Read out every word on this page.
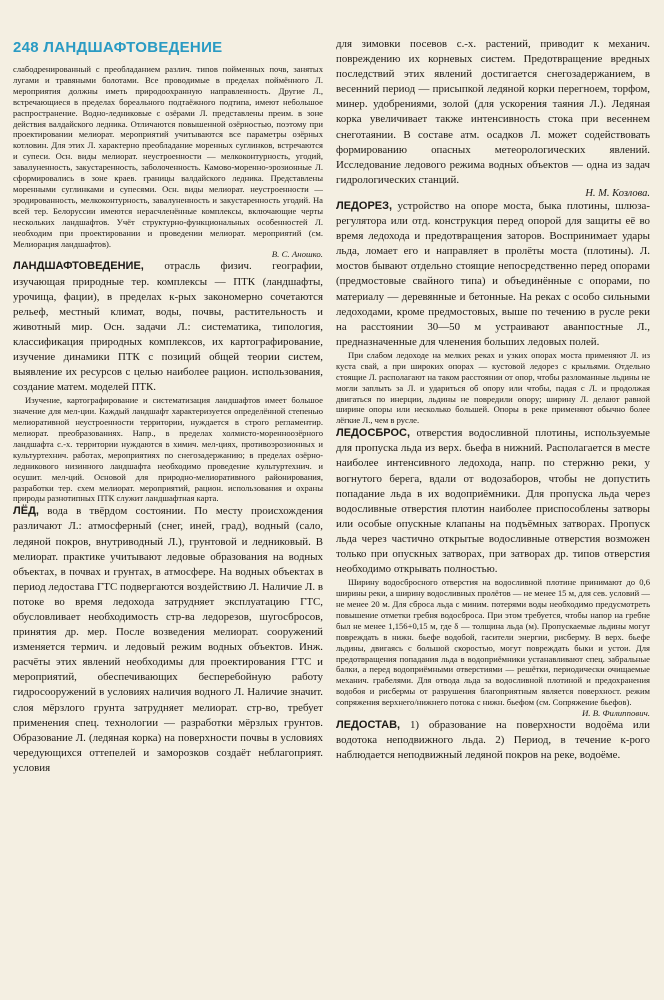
248 ЛАНДШАФТОВЕДЕНИЕ

слабодренированный с преобладанием различ. типов пойменных почв, занятых лугами и травяными болотами. Все проводимые в пределах поймённого Л. мероприятия должны иметь природоохранную направленность. Другие Л., встречающиеся в пределах бореального подтаёжного подтипа, имеют небольшое распространение. Водно-ледниковые с озёрами Л. представлены преим. в зоне действия валдайского ледника. Отличаются повышенной озёрностью, поэтому при проектировании мелиорат. мероприятий учитываются все параметры озёрных котловин. Для этих Л. характерно преобладание моренных суглинков, встречаются и супеси. Осн. виды мелиорат. неустроенности — мелкоконтурность, угодий, завалуненность, закустаренность, заболоченность. Камово-моренно-эрозионные Л. сформировались в зоне краев. границы валдайского ледника. Представлены моренными суглинками и супесями. Осн. виды мелиорат. неустроенности — эродированность, мелкоконтурность, завалуненность и закустаренность угодий. На всей тер. Белоруссии имеются нерасчленённые комплексы, включающие черты нескольких ландшафтов. Учёт структурно-функциональных особенностей Л. необходим при проектировании и проведении мелиорат. мероприятий (см. Мелиорация ландшафтов).

В. С. Аношко.

ЛАНДШАФТОВЕДЕНИЕ, отрасль физич. географии, изучающая природные тер. комплексы — ПТК (ландшафты, урочища, фации), в пределах к-рых закономерно сочетаются рельеф, местный климат, воды, почвы, растительность и животный мир. Осн. задачи Л.: систематика, типология, классификация природных комплексов, их картографирование, изучение динамики ПТК с позиций общей теории систем, выявление их ресурсов с целью наиболее рацион. использования, создание матем. моделей ПТК.

Изучение, картографирование и систематизация ландшафтов имеет большое значение для мел-ции. Каждый ландшафт характеризуется определённой степенью мелиоративной неустроенности территории, нуждается в строго регламентир. мелиорат. преобразованиях. Напр., в пределах холмисто-моренноозёрного ландшафта с.-х. территории нуждаются в химич. мел-циях, противоэрозионных и культуртехнич. работах, мероприятиях по снегозадержанию; в пределах озёрно-ледникового низинного ландшафта необходимо проведение культуртехнич. и осушит. мел-ций. Основой для природно-мелиоративного районирования, разработки тер. схем мелиорат. мероприятий, рацион. использования и охраны природы разнотипных ПТК служит ландшафтная карта.

ЛЁД, вода в твёрдом состоянии. По месту происхождения различают Л.: атмосферный (снег, иней, град), водный (сало, ледяной покров, внутриводный Л.), грунтовой и ледниковый. В мелиорат. практике учитывают ледовые образования на водных объектах, в почвах и грунтах, в атмосфере. На водных объектах в период ледостава ГТС подвергаются воздействию Л. Наличие Л. в потоке во время ледохода затрудняет эксплуатацию ГТС, обусловливает необходимость стр-ва ледорезов, шугосбросов, принятия др. мер. После возведения мелиорат. сооружений изменяется термич. и ледовый режим водных объектов. Инж. расчёты этих явлений необходимы для проектирования ГТС и мероприятий, обеспечивающих бесперебойную работу гидросооружений в условиях наличия водного Л. Наличие значит. слоя мёрзлого грунта затрудняет мелиорат. стр-во, требует применения спец. технологии — разработки мёрзлых грунтов. Образование Л. (ледяная корка) на поверхности почвы в условиях чередующихся оттепелей и заморозков создаёт неблагоприят. условия

для зимовки посевов с.-х. растений, приводит к механич. повреждению их корневых систем. Предотвращение вредных последствий этих явлений достигается снегозадержанием, в весенний период — присыпкой ледяной корки перегноем, торфом, минер. удобрениями, золой (для ускорения таяния Л.). Ледяная корка увеличивает также интенсивность стока при весеннем снеготаянии. В составе атм. осадков Л. может содействовать формированию опасных метеорологических явлений. Исследование ледового режима водных объектов — одна из задач гидрологических станций.

Н. М. Козлова.

ЛЕДОРЕЗ, устройство на опоре моста, быка плотины, шлюза-регулятора или отд. конструкция перед опорой для защиты её во время ледохода и предотвращения заторов. Воспринимает удары льда, ломает его и направляет в пролёты моста (плотины). Л. мостов бывают отдельно стоящие непосредственно перед опорами (предмостовые свайного типа) и объединённые с опорами, по материалу — деревянные и бетонные. На реках с особо сильными ледоходами, кроме предмостовых, выше по течению в русле реки на расстоянии 30—50 м устраивают аванпостные Л., предназначенные для членения больших ледовых полей.

При слабом ледоходе на мелких реках и узких опорах моста применяют Л. из куста свай, а при широких опорах — кустовой ледорез с крыльями. Отдельно стоящие Л. располагают на таком расстоянии от опор, чтобы разломанные льдины не могли заплыть за Л. и удариться об опору или чтобы, падая с Л. и продолжая двигаться по инерции, льдины не повредили опору; ширину Л. делают равной ширине опоры или несколько большей. Опоры в реке применяют обычно более лёгкие Л., чем в русле.

ЛЕДОСБРОС, отверстия водосливной плотины, используемые для пропуска льда из верх. бьефа в нижний. Располагается в месте наиболее интенсивного ледохода, напр. по стержню реки, у вогнутого берега, вдали от водозаборов, чтобы не допустить попадание льда в их водоприёмники. Для пропуска льда через водосливные отверстия плотин наиболее приспособлены затворы или особые опускные клапаны на подъёмных затворах. Пропуск льда через частично открытые водосливные отверстия возможен только при опускных затворах, при затворах др. типов отверстия необходимо открывать полностью.

Ширину водосбросного отверстия на водосливной плотине принимают до 0,6 ширины реки, а ширину водосливных пролётов — не менее 15 м, для сев. условий — не менее 20 м. Для сброса льда с миним. потерями воды необходимо предусмотреть повышение отметки гребня водосброса. При этом требуется, чтобы напор на гребне был не менее 1,156+0,15 м, где δ — толщина льда (м). Пропускаемые льдины могут повреждать в нижн. бьефе водобой, гасители энергии, рисберму. В верх. бьефе льдины, двигаясь с большой скоростью, могут повреждать быки и устои. Для предотвращения попадания льда в водоприёмники устанавливают спец. забральные балки, а перед водоприёмными отверстиями — решётки, периодически очищаемые механич. грабелями. Для отвода льда за водосливной плотиной и предохранения водобоя и рисбермы от разрушения благоприятным является поверхност. режим сопряжения верхнего/нижнего потока с нижн. бьефом (см. Сопряжение бьефов).

И. В. Филиппович.

ЛЕДОСТАВ, 1) образование на поверхности водоёма или водотока неподвижного льда. 2) Период, в течение к-рого наблюдается неподвижный ледяной покров на реке, водоёме.
